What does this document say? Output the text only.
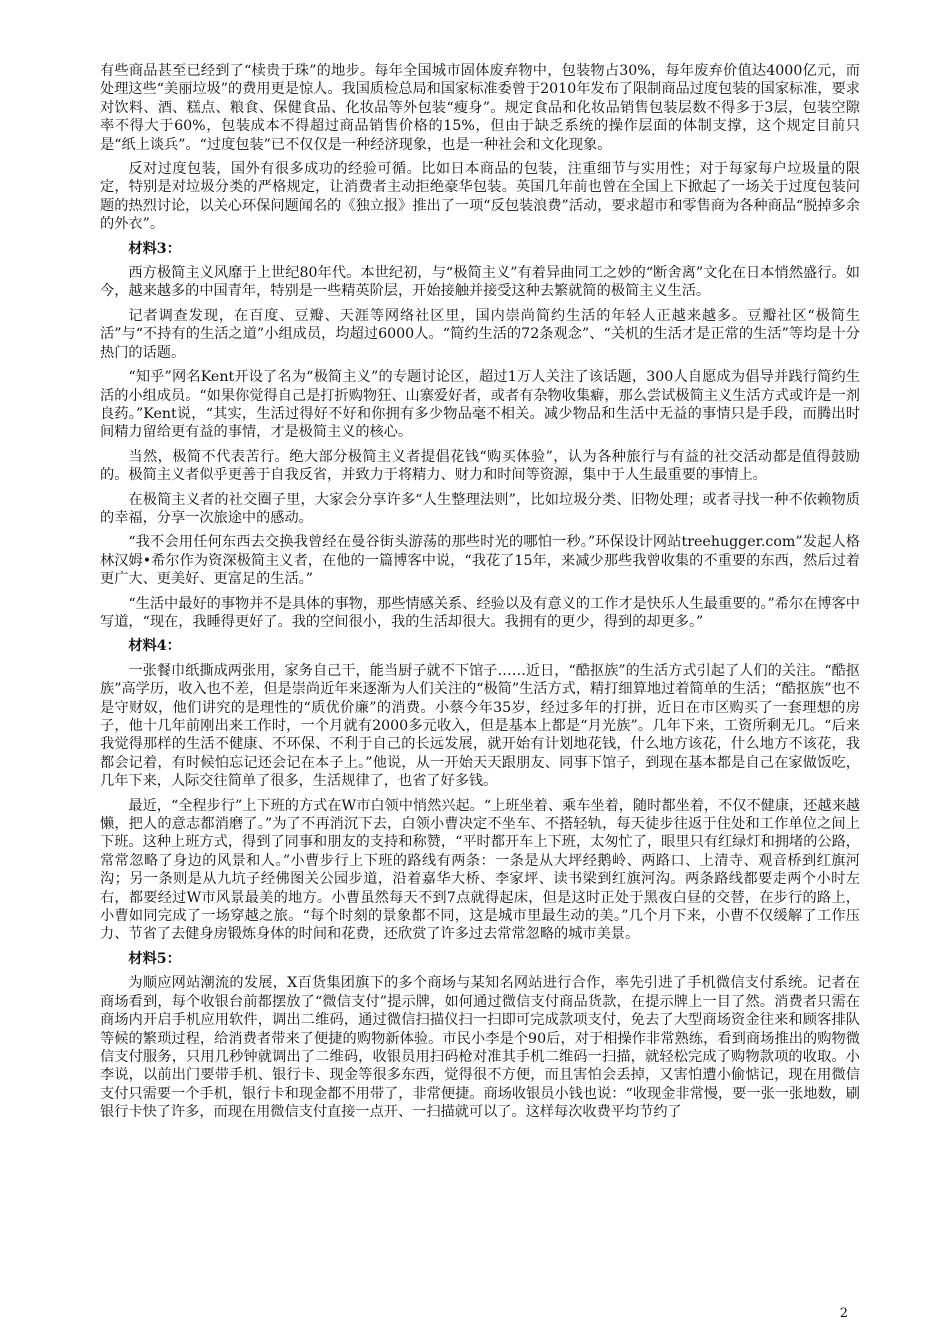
有些商品甚至已经到了“椟贵于珠”的地步。每年全国城市固体废弃物中，包装物占30%，每年废弃价值达4000亿元，而处理这些“美丽垃圾”的费用更是惊人。我国质检总局和国家标准委曾于2010年发布了限制商品过度包装的国家标准，要求对饮料、酒、糕点、粮食、保健食品、化妆品等外包装“瘦身”。规定食品和化妆品销售包装层数不得多于3层，包装空隙率不得大于60%，包装成本不得超过商品销售价格的15%，但由于缺乏系统的操作层面的体制支撑，这个规定目前只是“纸上谈兵”。“过度包装”已不仅仅是一种经济现象，也是一种社会和文化现象。

反对过度包装，国外有很多成功的经验可循。比如日本商品的包装，注重细节与实用性；对于每家每户垃圾量的限定，特别是对垃圾分类的严格规定，让消费者主动拒绝豪华包装。英国几年前也曾在全国上下掀起了一场关于过度包装问题的热烈讨论，以关心环保问题闻名的《独立报》推出了一项“反包装浪费”活动，要求超市和零售商为各种商品“脱掉多余的外衣”。

材料3：

西方极简主义风靡于上世纪80年代。本世纪初，与“极简主义”有着异曲同工之妙的“断舍离”文化在日本悄然盛行。如今，越来越多的中国青年，特别是一些精英阶层，开始接触并接受这种去繁就简的极简主义生活。

记者调查发现，在百度、豆瓣、天涯等网络社区里，国内崇尚简约生活的年轻人正越来越多。豆瓣社区“极简生活”与“不持有的生活之道”小组成员，均超过6000人。“简约生活的72条观念”、“关机的生活才是正常的生活”等均是十分热门的话题。

“知乎”网名Kent开设了名为“极简主义”的专题讨论区，超过1万人关注了该话题，300人自愿成为倡导并践行简约生活的小组成员。“如果你觉得自己是打折购物狂、山寨爱好者，或者有杂物收集癖，那么尝试极简主义生活方式或许是一剂良药。”Kent说，“其实，生活过得好不好和你拥有多少物品毫不相关。减少物品和生活中无益的事情只是手段，而腾出时间精力留给更有益的事情，才是极简主义的核心。

当然，极简不代表苦行。绝大部分极简主义者提倡花钱“购买体验”，认为各种旅行与有益的社交活动都是值得鼓励的。极简主义者似乎更善于自我反省，并致力于将精力、财力和时间等资源，集中于人生最重要的事情上。

在极简主义者的社交圈子里，大家会分享许多“人生整理法则”，比如垃圾分类、旧物处理；或者寻找一种不依赖物质的幸福，分享一次旅途中的感动。

“我不会用任何东西去交换我曾经在曼谷街头游荡的那些时光的哪怕一秒。”环保设计网站treehugger.com”发起人格林汉姆•希尔作为资深极简主义者，在他的一篇博客中说，“我花了15年，来减少那些我曾收集的不重要的东西，然后过着更广大、更美好、更富足的生活。”

“生活中最好的事物并不是具体的事物，那些情感关系、经验以及有意义的工作才是快乐人生最重要的。”希尔在博客中写道，“现在，我睡得更好了。我的空间很小，我的生活却很大。我拥有的更少，得到的却更多。”

材料4：

一张餐巾纸撕成两张用，家务自己干，能当厨子就不下馆子……近日，“酷抠族”的生活方式引起了人们的关注。“酷抠族”高学历，收入也不差，但是崇尚近年来逐渐为人们关注的“极简”生活方式，精打细算地过着简单的生活；“酷抠族”也不是守财奴，他们讲究的是理性的“质优价廉”的消费。小蔡今年35岁，经过多年的打拼，近日在市区购买了一套理想的房子，他十几年前刚出来工作时，一个月就有2000多元收入，但是基本上都是“月光族”。几年下来，工资所剩无几。“后来我觉得那样的生活不健康、不环保、不利于自己的长远发展，就开始有计划地花钱，什么地方该花，什么地方不该花，我都会记着，有时候怕忘记还会记在本子上。”他说，从一开始天天跟朋友、同事下馆子，到现在基本都是自己在家做饭吃，几年下来，人际交往简单了很多，生活规律了，也省了好多钱。

最近，“全程步行”上下班的方式在W市白领中悄然兴起。“上班坐着、乘车坐着，随时都坐着，不仅不健康，还越来越懒，把人的意志都消磨了。”为了不再消沉下去，白领小曹决定不坐车、不搭轻轨，每天徒步往返于住处和工作单位之间上下班。这种上班方式，得到了同事和朋友的支持和称赞，“平时都开车上下班，太匆忙了，眼里只有红绿灯和拥堵的公路，常常忽略了身边的风景和人。”小曹步行上下班的路线有两条：一条是从大坪经鹅岭、两路口、上清寺、观音桥到红旗河沟；另一条则是从九坑子经佛图关公园步道，沿着嘉华大桥、李家坪、读书梁到红旗河沟。两条路线都要走两个小时左右，都要经过W市风景最美的地方。小曹虽然每天不到7点就得起床，但是这时正处于黑夜白昼的交替，在步行的路上，小曹如同完成了一场穿越之旅。“每个时刻的景象都不同，这是城市里最生动的美。”几个月下来，小曹不仅缓解了工作压力、节省了去健身房锻炼身体的时间和花费，还欣赏了许多过去常常忽略的城市美景。

材料5：

为顺应网站潮流的发展，X百货集团旗下的多个商场与某知名网站进行合作，率先引进了手机微信支付系统。记者在商场看到，每个收银台前都摆放了“微信支付”提示牌，如何通过微信支付商品货款，在提示牌上一目了然。消费者只需在商场内开启手机应用软件，调出二维码，通过微信扫描仪扫一扫即可完成款项支付，免去了大型商场资金往来和顾客排队等候的繁琐过程，给消费者带来了便捷的购物新体验。市民小李是个90后，对于相操作非常熟练，看到商场推出的购物微信支付服务，只用几秒钟就调出了二维码，收银员用扫码枪对准其手机二维码一扫描，就轻松完成了购物款项的收取。小李说，以前出门要带手机、银行卡、现金等很多东西，觉得很不方便，而且害怕会丢掉，又害怕遭小偷惦记，现在用微信支付只需要一个手机，银行卡和现金都不用带了，非常便捷。商场收银员小钱也说：“收现金非常慢，要一张一张地数，刷银行卡快了许多，而现在用微信支付直接一点开、一扫描就可以了。这样每次收费平均节约了

2
